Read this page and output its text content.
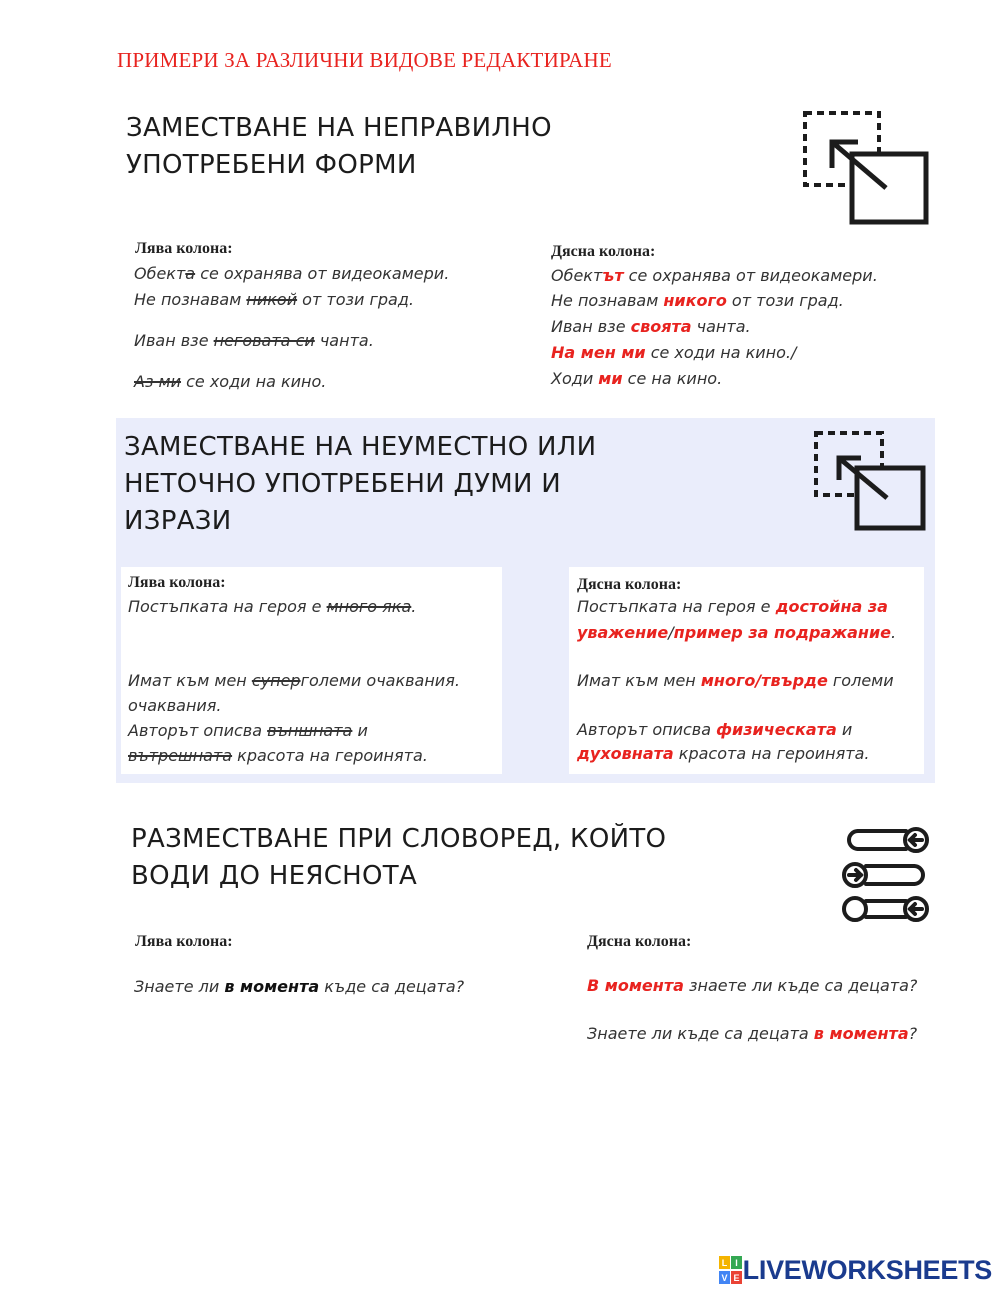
ПРИМЕРИ ЗА РАЗЛИЧНИ ВИДОВЕ РЕДАКТИРАНЕ
ЗАМЕСТВАНЕ НА НЕПРАВИЛНО
УПОТРЕБЕНИ ФОРМИ
Лява колона:
Обекта се охранява от видеокамери.
Не познавам никой от този град.
Иван взе неговата си чанта.
Аз ми се ходи на кино.
Дясна колона:
Обектът се охранява от видеокамери.
Не познавам никого от този град.
Иван взе своята чанта.
На мен ми се ходи на кино./
Ходи ми се на кино.
ЗАМЕСТВАНЕ НА НЕУМЕСТНО ИЛИ
НЕТОЧНО УПОТРЕБЕНИ ДУМИ И
ИЗРАЗИ
Лява колона:
Постъпката на героя е много яка.
Имат към мен суперголеми очаквания.
очаквания.
Авторът описва външната и
вътрешната красота на героинята.
Дясна колона:
Постъпката на героя е достойна за
уважение/пример за подражание.
Имат към мен много/твърде големи
Авторът описва физическата и
духовната красота на героинята.
РАЗМЕСТВАНЕ ПРИ СЛОВОРЕД, КОЙТО
ВОДИ ДО НЕЯСНОТА
Лява колона:
Знаете ли в момента къде са децата?
Дясна колона:
В момента знаете ли къде са децата?
Знаете ли къде са децата в моментa?
L I
V E LIVEWORKSHEETS
